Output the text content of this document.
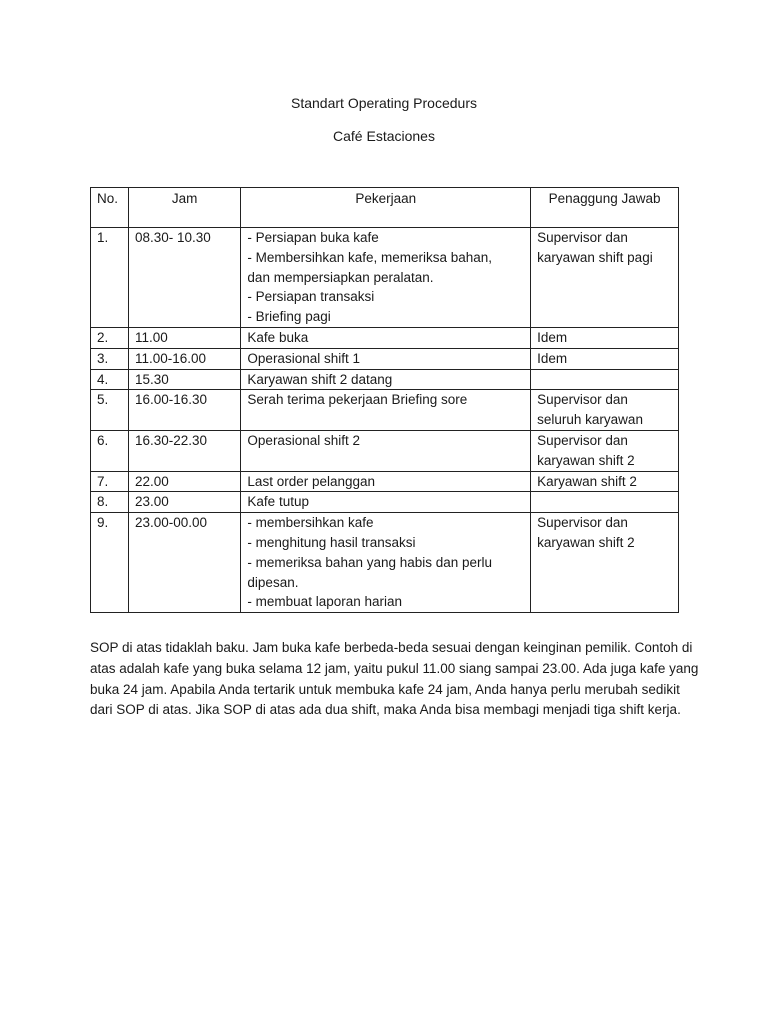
Standart Operating Procedurs
Café Estaciones
No.	Jam	Pekerjaan	Penaggung Jawab
1.	08.30- 10.30	- Persiapan buka kafe
- Membersihkan kafe, memeriksa bahan,
dan mempersiapkan peralatan.
- Persiapan transaksi
- Briefing pagi	Supervisor dan
karyawan shift pagi

2.	11.00	Kafe buka	Idem

3.	11.00-16.00	Operasional shift 1	Idem

4.	15.30	Karyawan shift 2 datang	

5.	16.00-16.30	Serah terima pekerjaan Briefing sore	Supervisor dan
seluruh karyawan

6.	16.30-22.30	Operasional shift 2	Supervisor dan
karyawan shift 2

7.	22.00	Last order pelanggan	Karyawan shift 2

8.	23.00	Kafe tutup	

9.	23.00-00.00	- membersihkan kafe
- menghitung hasil transaksi
- memeriksa bahan yang habis dan perlu
dipesan.
- membuat laporan harian	Supervisor dan
karyawan shift 2
SOP di atas tidaklah baku. Jam buka kafe berbeda-beda sesuai dengan keinginan pemilik. Contoh di atas adalah kafe yang buka selama 12 jam, yaitu pukul 11.00 siang sampai 23.00. Ada juga kafe yang buka 24 jam. Apabila Anda tertarik untuk membuka kafe 24 jam, Anda hanya perlu merubah sedikit dari SOP di atas. Jika SOP di atas ada dua shift, maka Anda bisa membagi menjadi tiga shift kerja.
